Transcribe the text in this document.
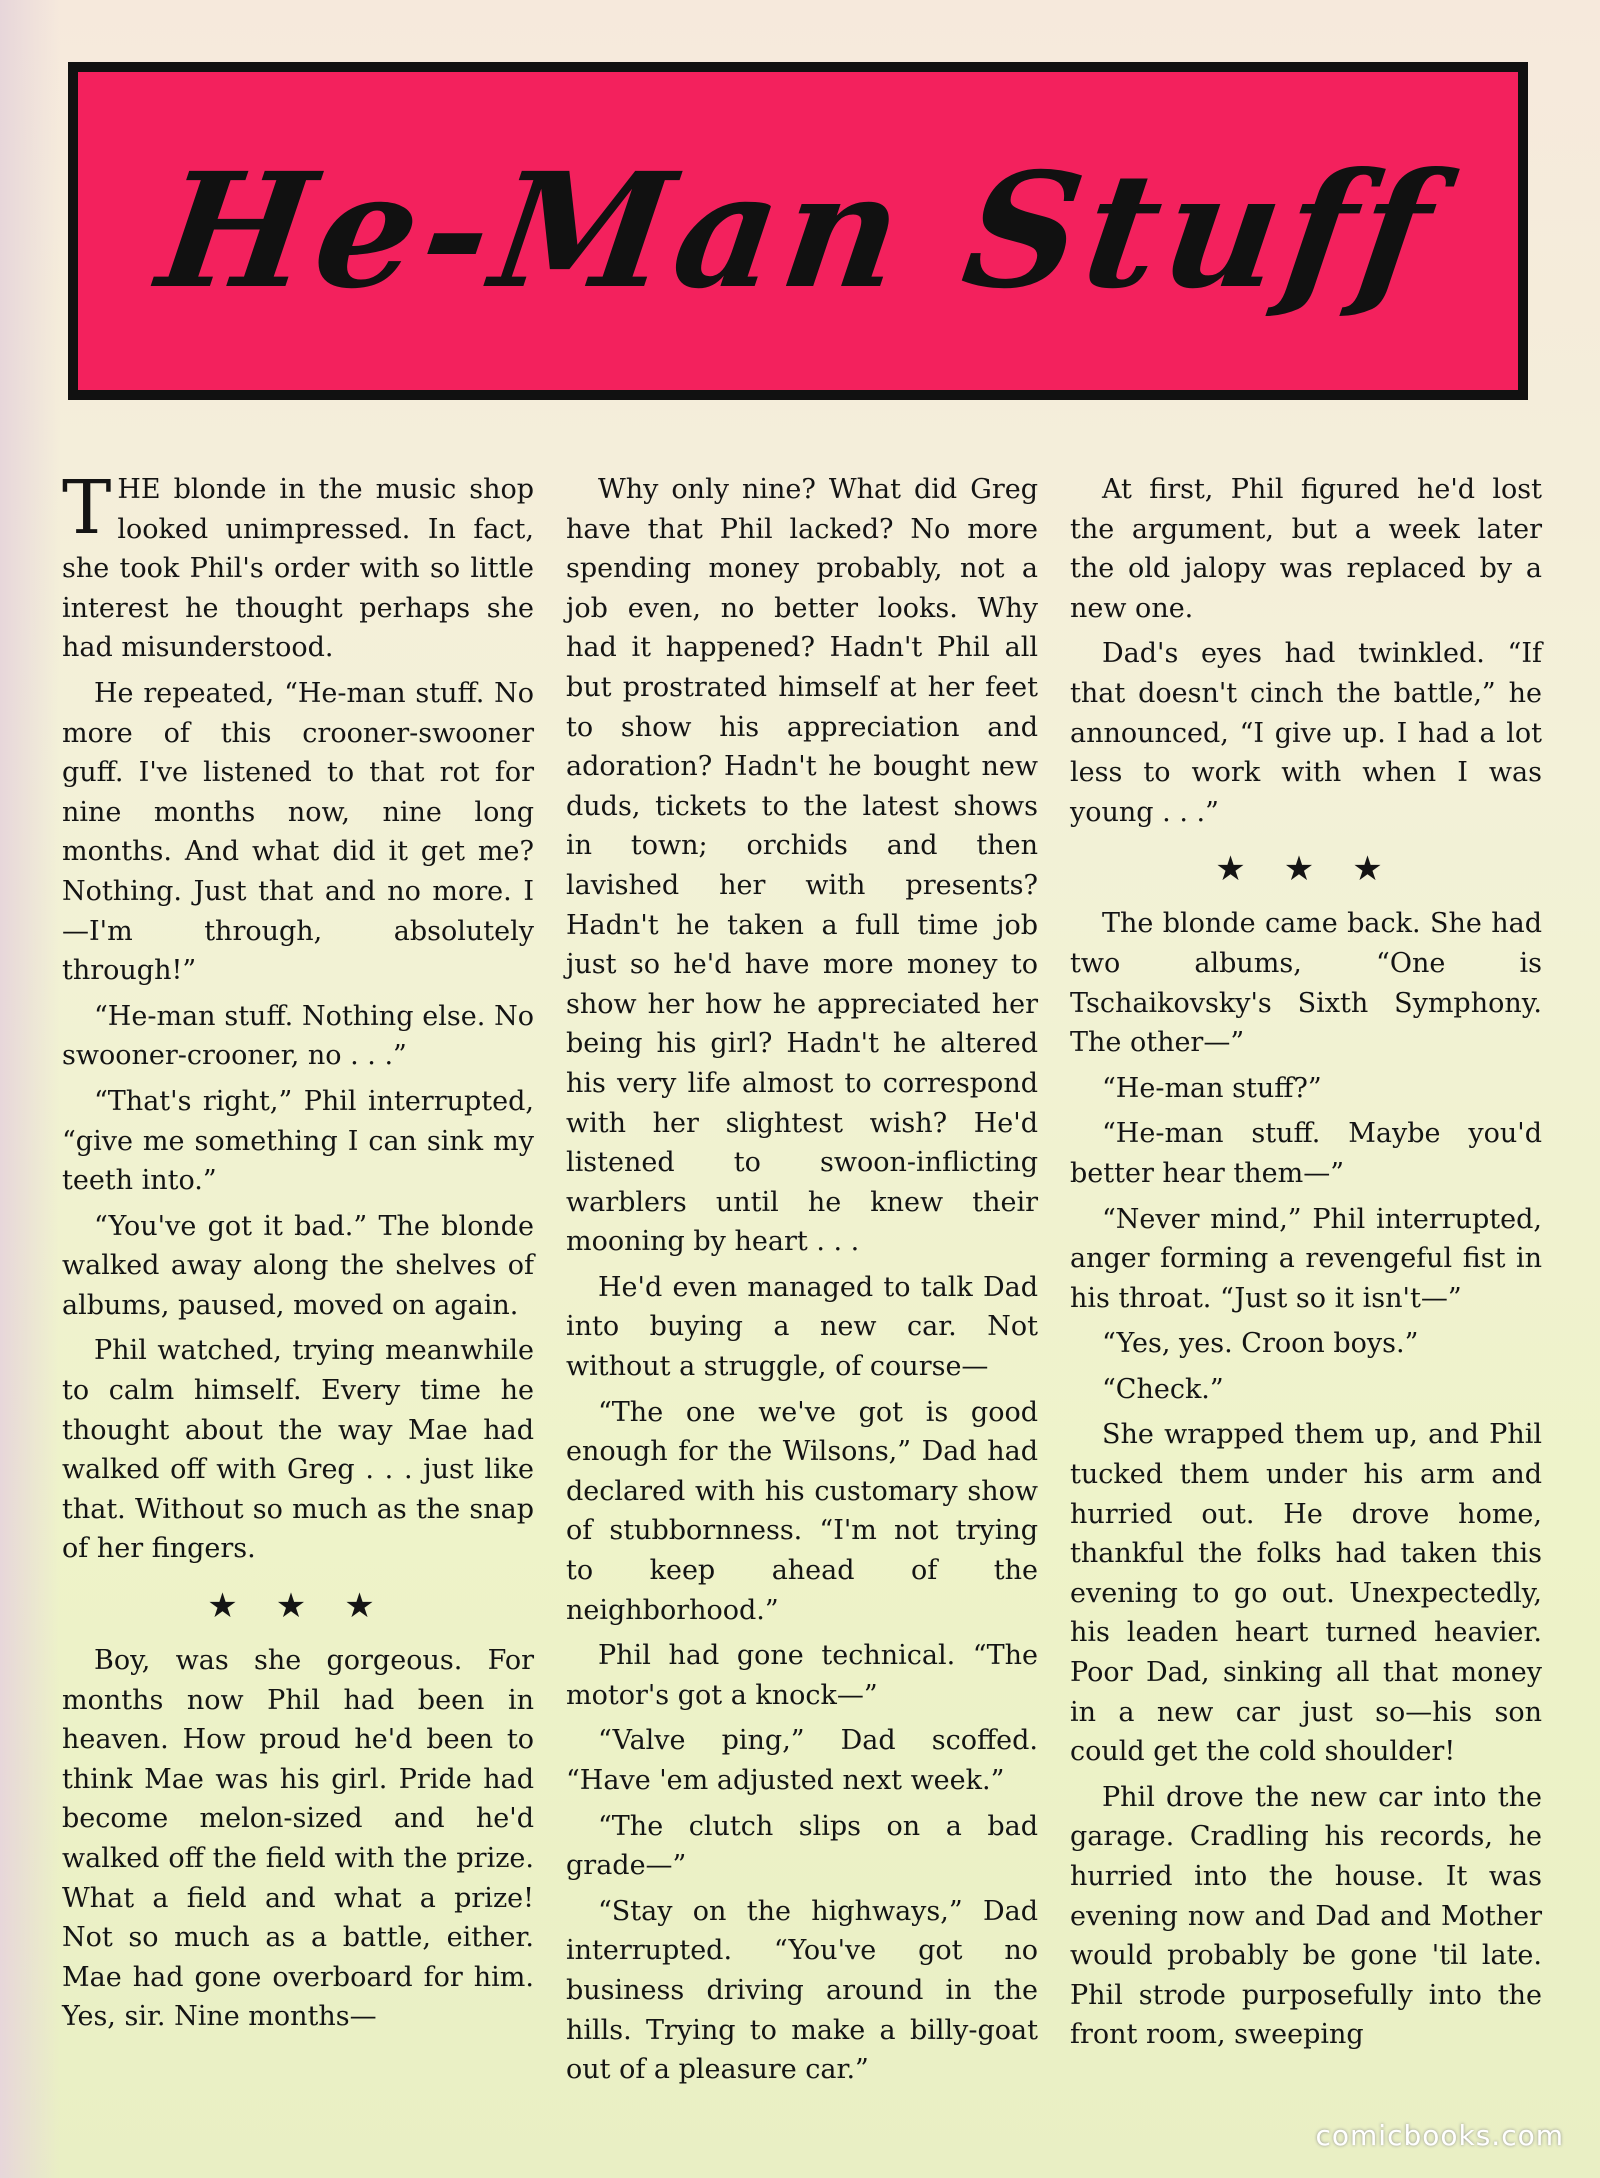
He-Man Stuff

THE blonde in the music shop looked unimpressed. In fact, she took Phil's order with so little interest he thought perhaps she had misunderstood.

He repeated, “He-man stuff. No more of this crooner-swooner guff. I've listened to that rot for nine months now, nine long months. And what did it get me? Nothing. Just that and no more. I—I'm through, absolutely through!”

“He-man stuff. Nothing else. No swooner-crooner, no . . .”

“That's right,” Phil interrupted, “give me something I can sink my teeth into.”

“You've got it bad.” The blonde walked away along the shelves of albums, paused, moved on again.

Phil watched, trying meanwhile to calm himself. Every time he thought about the way Mae had walked off with Greg . . . just like that. Without so much as the snap of her fingers.

★★★

Boy, was she gorgeous. For months now Phil had been in heaven. How proud he'd been to think Mae was his girl. Pride had become melon-sized and he'd walked off the field with the prize. What a field and what a prize! Not so much as a battle, either. Mae had gone overboard for him. Yes, sir. Nine months—

Why only nine? What did Greg have that Phil lacked? No more spending money probably, not a job even, no better looks. Why had it happened? Hadn't Phil all but prostrated himself at her feet to show his appreciation and adoration? Hadn't he bought new duds, tickets to the latest shows in town; orchids and then lavished her with presents? Hadn't he taken a full time job just so he'd have more money to show her how he appreciated her being his girl? Hadn't he altered his very life almost to correspond with her slightest wish? He'd listened to swoon-inflicting warblers until he knew their mooning by heart . . .

He'd even managed to talk Dad into buying a new car. Not without a struggle, of course—

“The one we've got is good enough for the Wilsons,” Dad had declared with his customary show of stubbornness. “I'm not trying to keep ahead of the neighborhood.”

Phil had gone technical. “The motor's got a knock—”

“Valve ping,” Dad scoffed. “Have 'em adjusted next week.”

“The clutch slips on a bad grade—”

“Stay on the highways,” Dad interrupted. “You've got no business driving around in the hills. Trying to make a billy-goat out of a pleasure car.”

At first, Phil figured he'd lost the argument, but a week later the old jalopy was replaced by a new one.

Dad's eyes had twinkled. “If that doesn't cinch the battle,” he announced, “I give up. I had a lot less to work with when I was young . . .”

★★★

The blonde came back. She had two albums, “One is Tschaikovsky's Sixth Symphony. The other—”

“He-man stuff?”

“He-man stuff. Maybe you'd better hear them—”

“Never mind,” Phil interrupted, anger forming a revengeful fist in his throat. “Just so it isn't—”

“Yes, yes. Croon boys.”

“Check.”

She wrapped them up, and Phil tucked them under his arm and hurried out. He drove home, thankful the folks had taken this evening to go out. Unexpectedly, his leaden heart turned heavier. Poor Dad, sinking all that money in a new car just so—his son could get the cold shoulder!

Phil drove the new car into the garage. Cradling his records, he hurried into the house. It was evening now and Dad and Mother would probably be gone 'til late. Phil strode purposefully into the front room, sweeping

comicbooks.com
